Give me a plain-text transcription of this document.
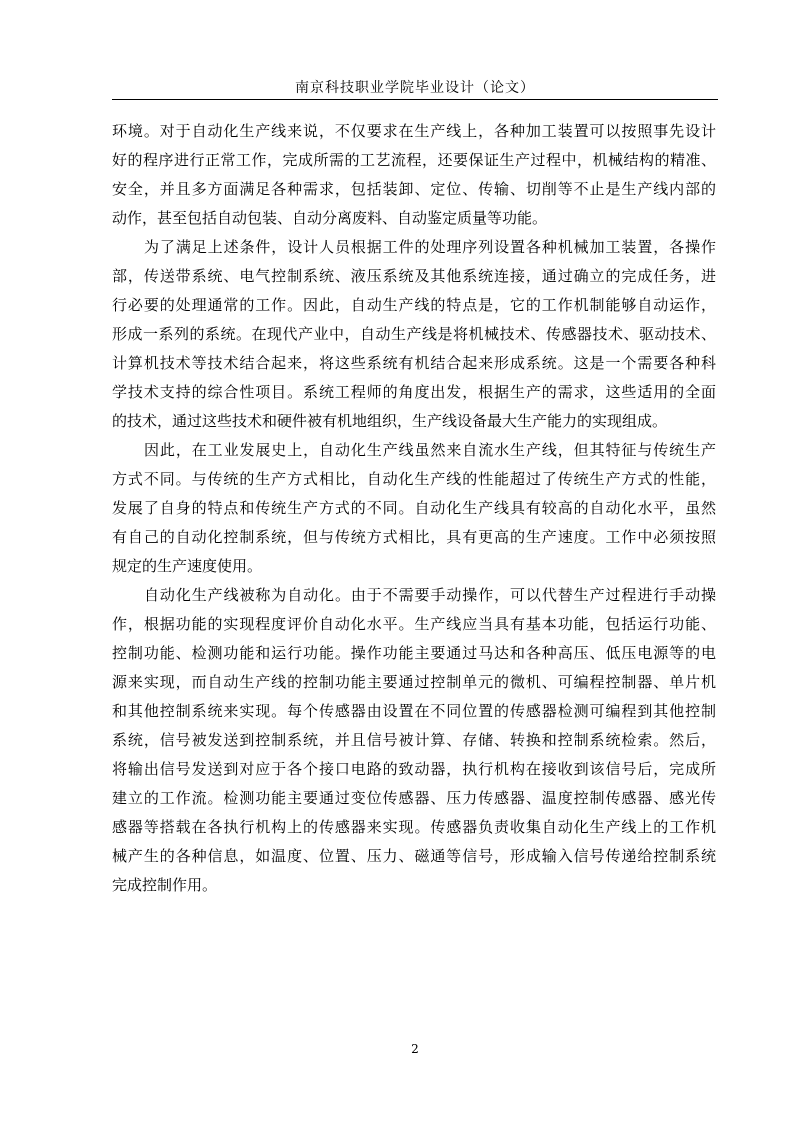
南京科技职业学院毕业设计（论文）
环境。对于自动化生产线来说，不仅要求在生产线上，各种加工装置可以按照事先设计
好的程序进行正常工作，完成所需的工艺流程，还要保证生产过程中，机械结构的精准、
安全，并且多方面满足各种需求，包括装卸、定位、传输、切削等不止是生产线内部的
动作，甚至包括自动包装、自动分离废料、自动鉴定质量等功能。
为了满足上述条件，设计人员根据工件的处理序列设置各种机械加工装置，各操作
部，传送带系统、电气控制系统、液压系统及其他系统连接，通过确立的完成任务，进
行必要的处理通常的工作。因此，自动生产线的特点是，它的工作机制能够自动运作，
形成一系列的系统。在现代产业中，自动生产线是将机械技术、传感器技术、驱动技术、
计算机技术等技术结合起来，将这些系统有机结合起来形成系统。这是一个需要各种科
学技术支持的综合性项目。系统工程师的角度出发，根据生产的需求，这些适用的全面
的技术，通过这些技术和硬件被有机地组织，生产线设备最大生产能力的实现组成。
因此，在工业发展史上，自动化生产线虽然来自流水生产线，但其特征与传统生产
方式不同。与传统的生产方式相比，自动化生产线的性能超过了传统生产方式的性能，
发展了自身的特点和传统生产方式的不同。自动化生产线具有较高的自动化水平，虽然
有自己的自动化控制系统，但与传统方式相比，具有更高的生产速度。工作中必须按照
规定的生产速度使用。
自动化生产线被称为自动化。由于不需要手动操作，可以代替生产过程进行手动操
作，根据功能的实现程度评价自动化水平。生产线应当具有基本功能，包括运行功能、
控制功能、检测功能和运行功能。操作功能主要通过马达和各种高压、低压电源等的电
源来实现，而自动生产线的控制功能主要通过控制单元的微机、可编程控制器、单片机
和其他控制系统来实现。每个传感器由设置在不同位置的传感器检测可编程到其他控制
系统，信号被发送到控制系统，并且信号被计算、存储、转换和控制系统检索。然后，
将输出信号发送到对应于各个接口电路的致动器，执行机构在接收到该信号后，完成所
建立的工作流。检测功能主要通过变位传感器、压力传感器、温度控制传感器、感光传
感器等搭载在各执行机构上的传感器来实现。传感器负责收集自动化生产线上的工作机
械产生的各种信息，如温度、位置、压力、磁通等信号，形成输入信号传递给控制系统
完成控制作用。
2
